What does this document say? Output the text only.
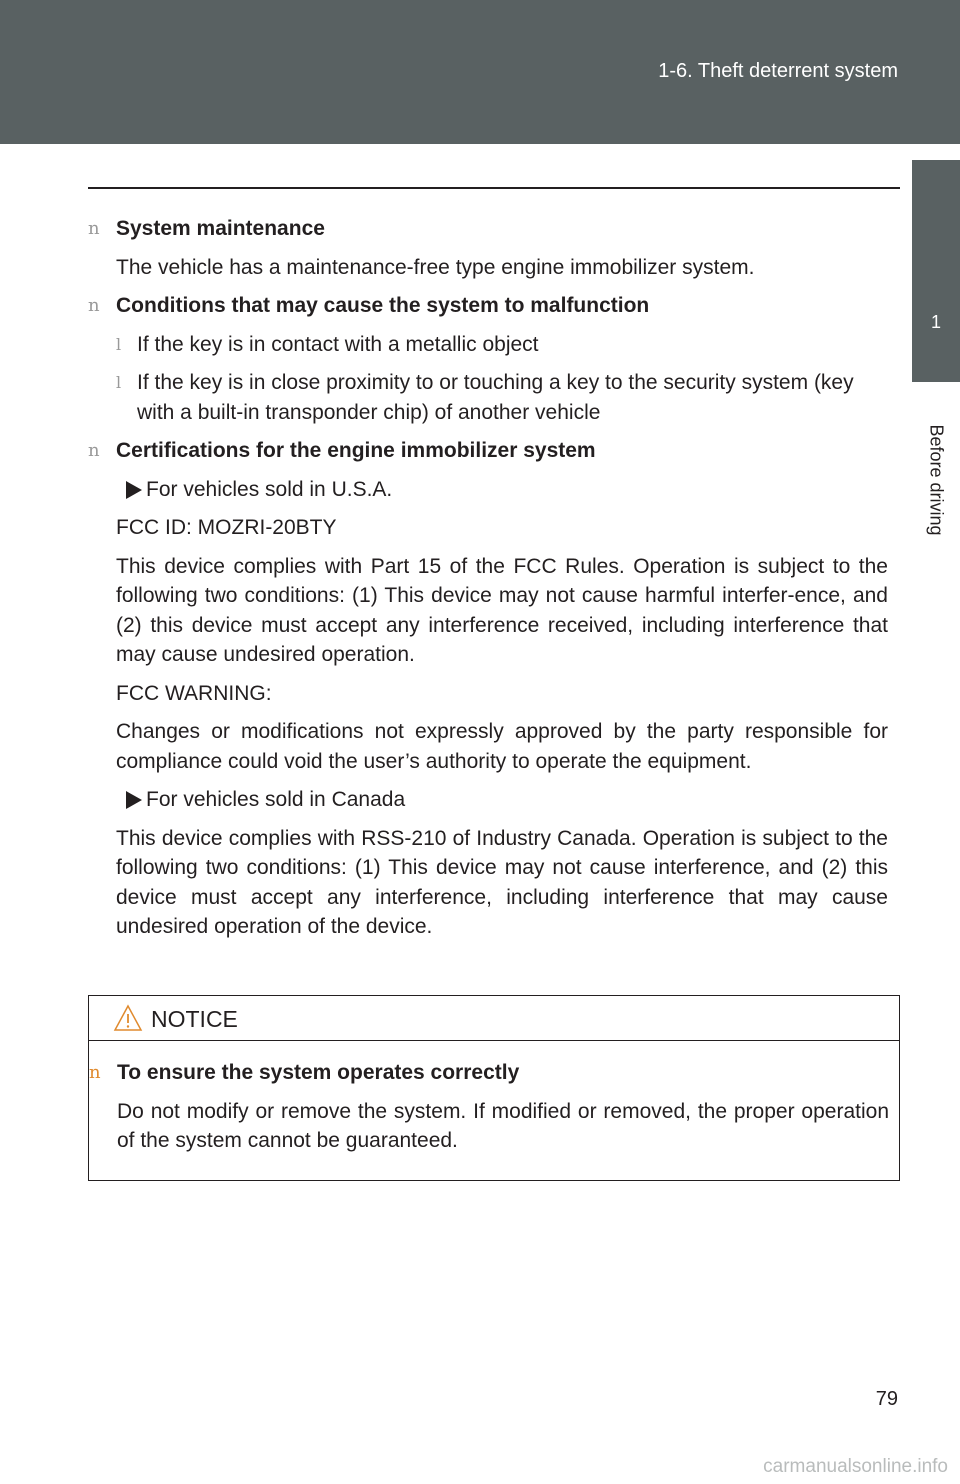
1-6. Theft deterrent system
1
Before driving
n System maintenance
The vehicle has a maintenance-free type engine immobilizer system.
n Conditions that may cause the system to malfunction
l If the key is in contact with a metallic object
l If the key is in close proximity to or touching a key to the security system (key with a built-in transponder chip) of another vehicle
n Certifications for the engine immobilizer system
For vehicles sold in U.S.A.
FCC ID: MOZRI-20BTY
This device complies with Part 15 of the FCC Rules. Operation is subject to the following two conditions: (1) This device may not cause harmful interfer-ence, and (2) this device must accept any interference received, including interference that may cause undesired operation.
FCC WARNING:
Changes or modifications not expressly approved by the party responsible for compliance could void the user’s authority to operate the equipment.
For vehicles sold in Canada
This device complies with RSS-210 of Industry Canada. Operation is subject to the following two conditions: (1) This device may not cause interference, and (2) this device must accept any interference, including interference that may cause undesired operation of the device.
NOTICE
n To ensure the system operates correctly
Do not modify or remove the system. If modified or removed, the proper operation of the system cannot be guaranteed.
79
carmanualsonline.info
